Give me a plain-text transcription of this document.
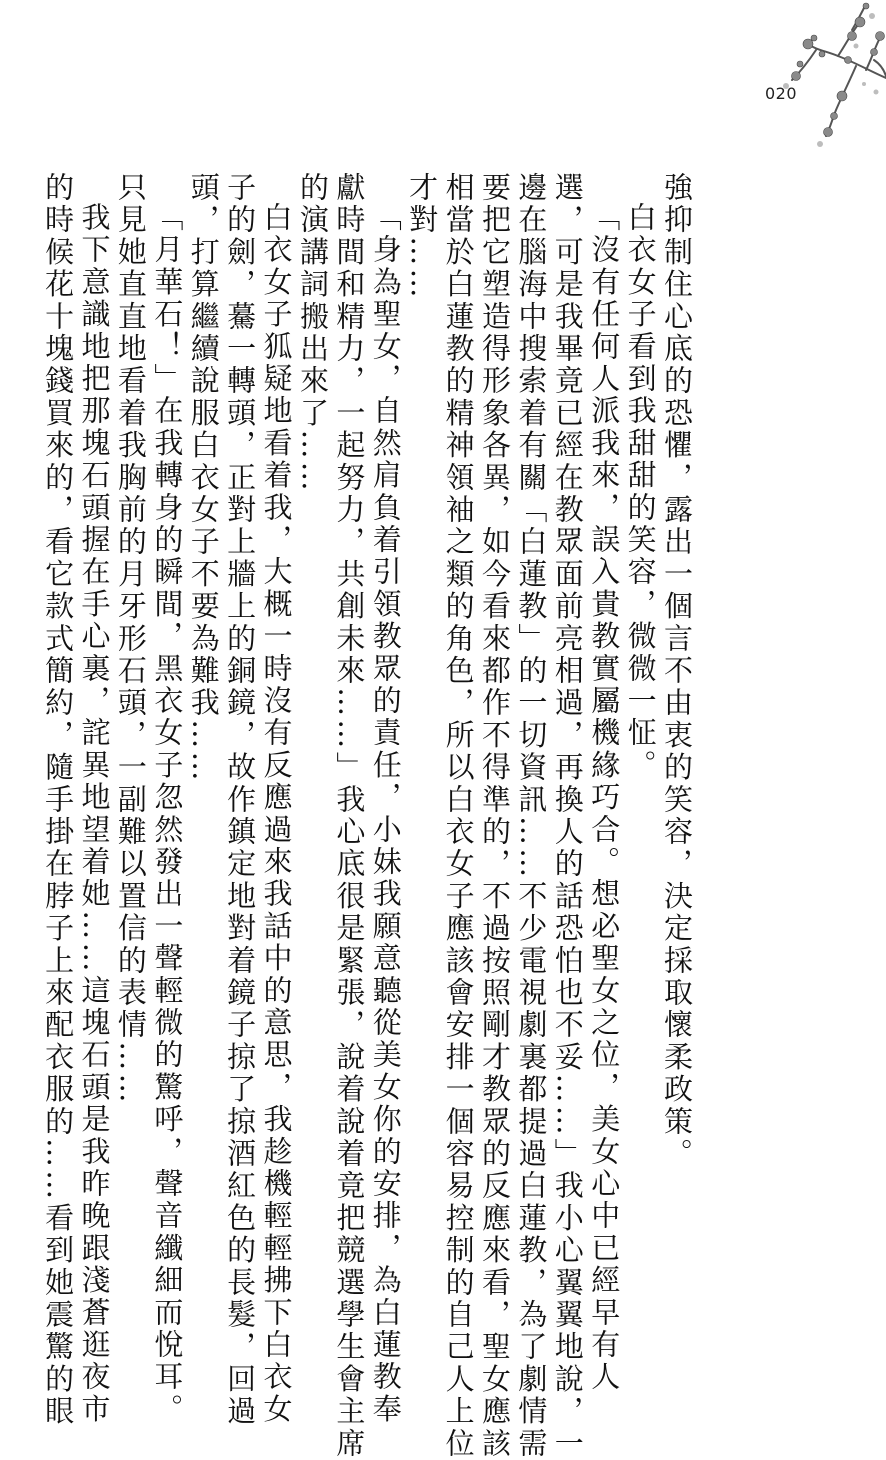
020

強抑制住心底的恐懼，露出一個言不由衷的笑容，決定採取懷柔政策。

白衣女子看到我甜甜的笑容，微微一怔。

「沒有任何人派我來，誤入貴教實屬機緣巧合。想必聖女之位，美女心中已經早有人

選，可是我畢竟已經在教眾面前亮相過，再換人的話恐怕也不妥……」我小心翼翼地說，一

邊在腦海中搜索着有關「白蓮教」的一切資訊……不少電視劇裏都提過白蓮教，為了劇情需

要把它塑造得形象各異，如今看來都作不得準的，不過按照剛才教眾的反應來看，聖女應該

相當於白蓮教的精神領袖之類的角色，所以白衣女子應該會安排一個容易控制的自己人上位

才對……

「身為聖女，自然肩負着引領教眾的責任，小妹我願意聽從美女你的安排，為白蓮教奉

獻時間和精力，一起努力，共創未來……」我心底很是緊張，說着說着竟把競選學生會主席

的演講詞搬出來了……

白衣女子狐疑地看着我，大概一時沒有反應過來我話中的意思，我趁機輕輕拂下白衣女

子的劍，驀一轉頭，正對上牆上的銅鏡，故作鎮定地對着鏡子掠了掠酒紅色的長髮，回過

頭，打算繼續說服白衣女子不要為難我……

「月華石！」在我轉身的瞬間，黑衣女子忽然發出一聲輕微的驚呼，聲音纖細而悅耳。

只見她直直地看着我胸前的月牙形石頭，一副難以置信的表情……

我下意識地把那塊石頭握在手心裏，詫異地望着她……這塊石頭是我昨晚跟淺蒼逛夜市

的時候花十塊錢買來的，看它款式簡約，隨手掛在脖子上來配衣服的……看到她震驚的眼
